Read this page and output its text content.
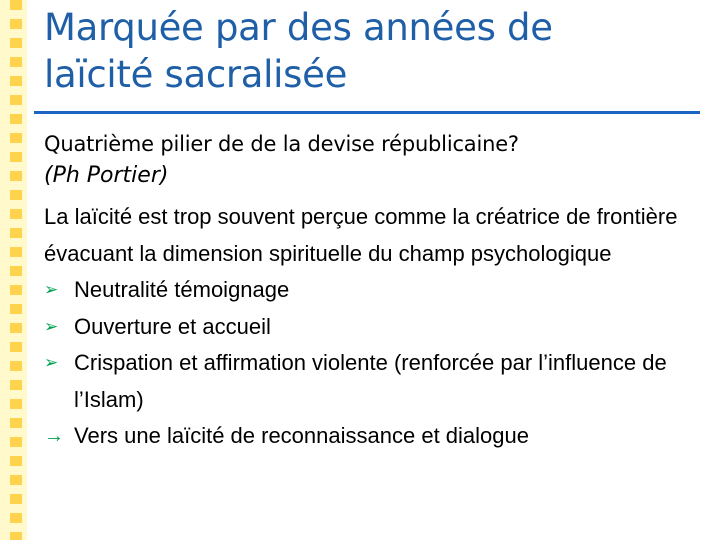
Marquée par des années de
laïcité sacralisée
Quatrième pilier de de la devise républicaine?
(Ph Portier)

La laïcité est trop souvent perçue comme la créatrice de frontière évacuant la dimension spirituelle du champ psychologique

➢ Neutralité témoignage
➢ Ouverture et accueil
➢ Crispation et affirmation violente (renforcée par l’influence de l’Islam)
→ Vers une laïcité de reconnaissance et dialogue
